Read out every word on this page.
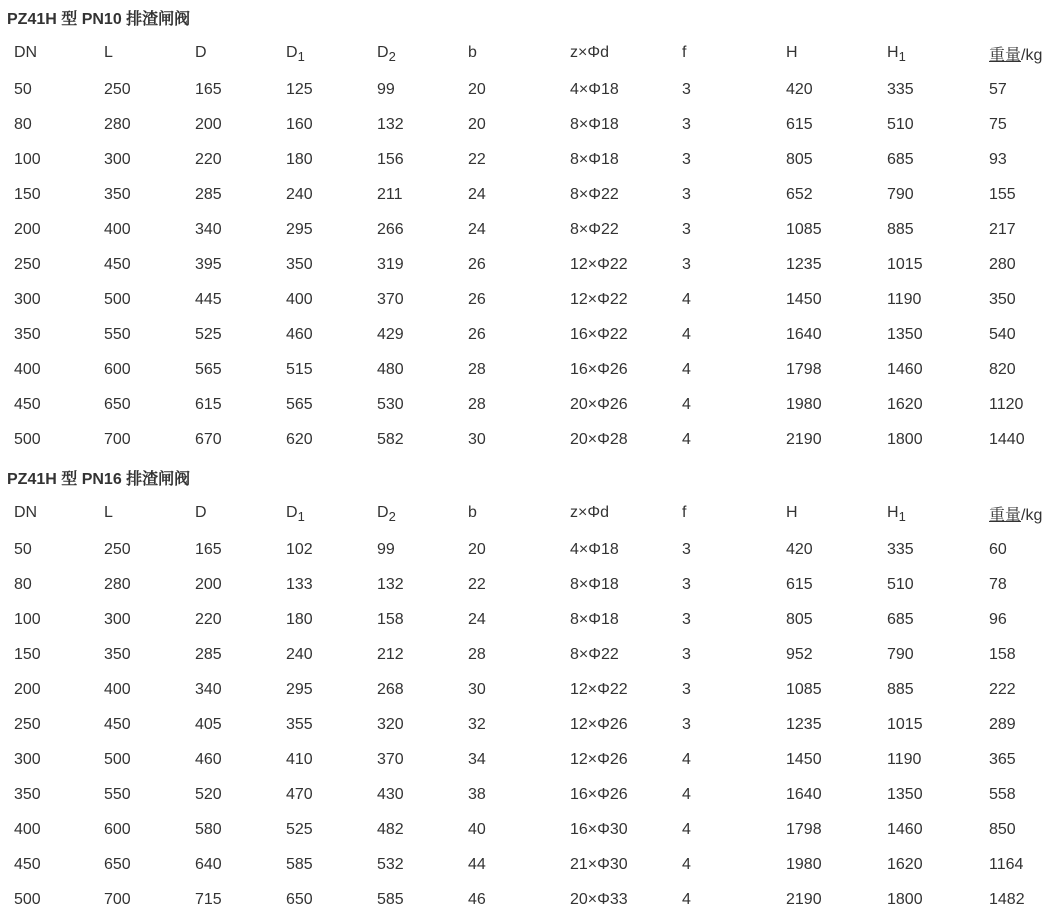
PZ41H 型 PN10 排渣闸阀
DN	L	D	$D_1$	$D_2$	b	z×Φd	f	H	$H_1$	重量/kg
50	250	165	125	99	20	4×Φ18	3	420	335	57
80	280	200	160	132	20	8×Φ18	3	615	510	75
100	300	220	180	156	22	8×Φ18	3	805	685	93
150	350	285	240	211	24	8×Φ22	3	652	790	155
200	400	340	295	266	24	8×Φ22	3	1085	885	217
250	450	395	350	319	26	12×Φ22	3	1235	1015	280
300	500	445	400	370	26	12×Φ22	4	1450	1190	350
350	550	525	460	429	26	16×Φ22	4	1640	1350	540
400	600	565	515	480	28	16×Φ26	4	1798	1460	820
450	650	615	565	530	28	20×Φ26	4	1980	1620	1120
500	700	670	620	582	30	20×Φ28	4	2190	1800	1440
PZ41H 型 PN16 排渣闸阀
DN	L	D	$D_1$	$D_2$	b	z×Φd	f	H	$H_1$	重量/kg
50	250	165	102	99	20	4×Φ18	3	420	335	60
80	280	200	133	132	22	8×Φ18	3	615	510	78
100	300	220	180	158	24	8×Φ18	3	805	685	96
150	350	285	240	212	28	8×Φ22	3	952	790	158
200	400	340	295	268	30	12×Φ22	3	1085	885	222
250	450	405	355	320	32	12×Φ26	3	1235	1015	289
300	500	460	410	370	34	12×Φ26	4	1450	1190	365
350	550	520	470	430	38	16×Φ26	4	1640	1350	558
400	600	580	525	482	40	16×Φ30	4	1798	1460	850
450	650	640	585	532	44	21×Φ30	4	1980	1620	1164
500	700	715	650	585	46	20×Φ33	4	2190	1800	1482
